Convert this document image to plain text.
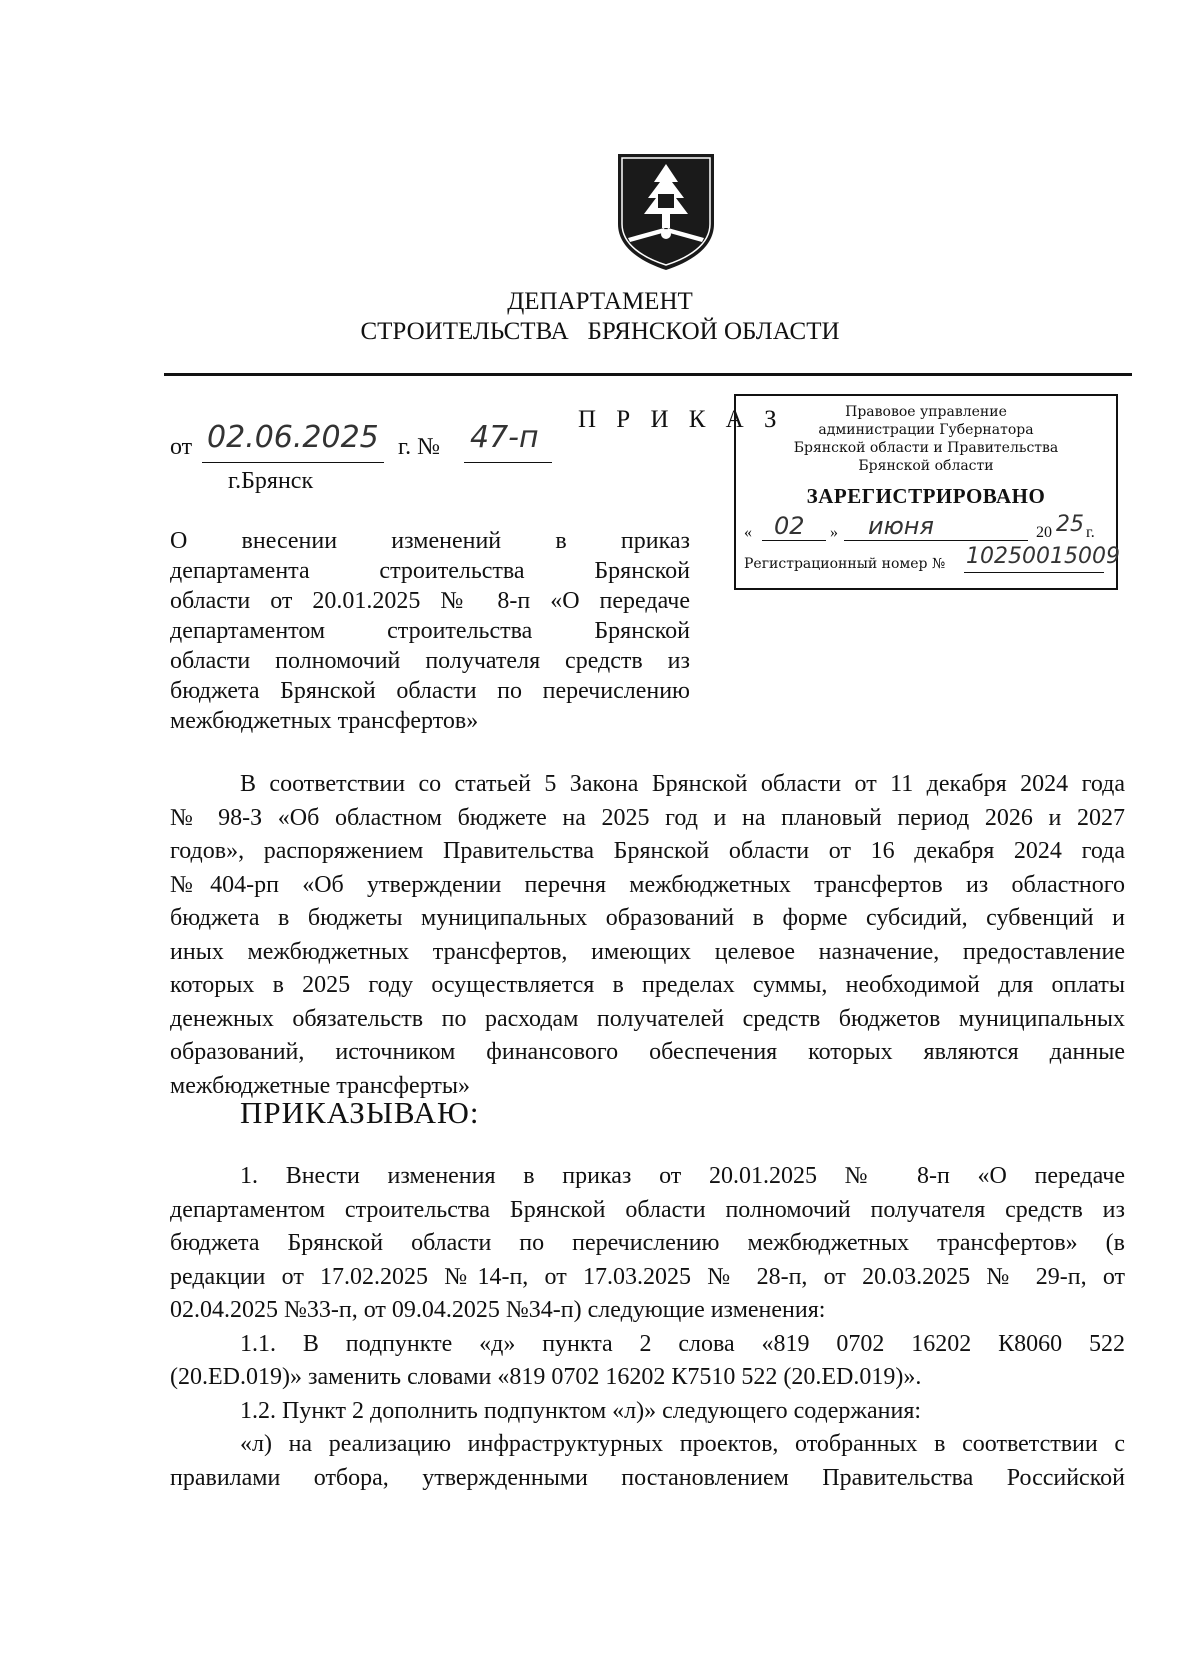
ДЕПАРТАМЕНТ
СТРОИТЕЛЬСТВА   БРЯНСКОЙ ОБЛАСТИ
П Р И К А З
от 02.06.2025 г. № 47-п
г.Брянск
Правовое управление
администрации Губернатора
Брянской области и Правительства
Брянской области
ЗАРЕГИСТРИРОВАНО
« 02 » июня	20 25 г.
Регистрационный номер № 10250015009
О внесении изменений в приказ
департамента строительства Брянской
области от 20.01.2025 № 8-п «О передаче
департаментом строительства Брянской
области полномочий получателя средств из
бюджета Брянской области по перечислению
межбюджетных трансфертов»
В соответствии со статьей 5 Закона Брянской области от 11 декабря 2024 года
№ 98-З «Об областном бюджете на 2025 год и на плановый период 2026 и 2027
годов», распоряжением Правительства Брянской области от 16 декабря 2024 года
№404-рп «Об утверждении перечня межбюджетных трансфертов из областного
бюджета в бюджеты муниципальных образований в форме субсидий, субвенций и
иных межбюджетных трансфертов, имеющих целевое назначение, предоставление
которых в 2025 году осуществляется в пределах суммы, необходимой для оплаты
денежных обязательств по расходам получателей средств бюджетов муниципальных
образований, источником финансового обеспечения которых являются данные
межбюджетные трансферты»
ПРИКАЗЫВАЮ:
1. Внести изменения в приказ от 20.01.2025 № 8-п «О передаче
департаментом строительства Брянской области полномочий получателя средств из
бюджета Брянской области по перечислению межбюджетных трансфертов» (в
редакции от 17.02.2025 №14-п, от 17.03.2025 № 28-п, от 20.03.2025 № 29-п, от
02.04.2025 №33-п, от 09.04.2025 №34-п) следующие изменения:
1.1. В подпункте «д» пункта 2 слова «819 0702 16202 К8060 522
(20.ED.019)» заменить словами «819 0702 16202 К7510 522 (20.ED.019)».
1.2. Пункт 2 дополнить подпунктом «л)» следующего содержания:
«л) на реализацию инфраструктурных проектов, отобранных в соответствии с
правилами отбора, утвержденными постановлением Правительства Российской
